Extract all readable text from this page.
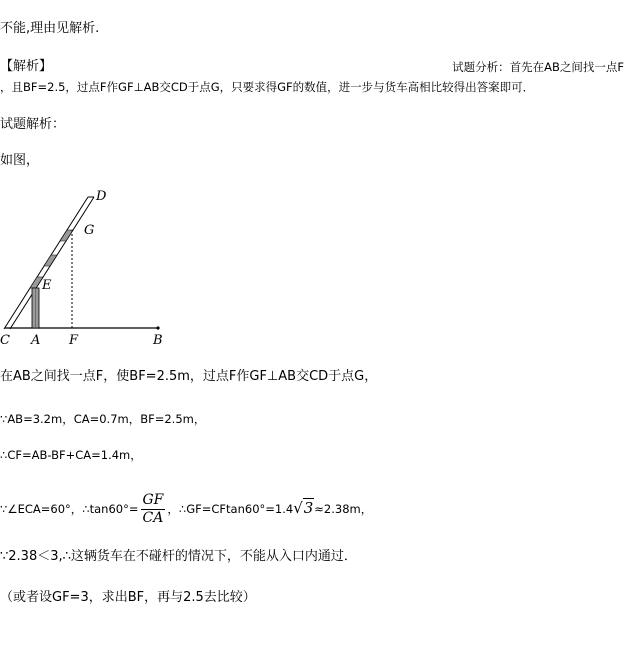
不能,理由见解析.
【解析】	试题分析：首先在AB之间找一点F
，且BF=2.5，过点F作GF⊥AB交CD于点G，只要求得GF的数值，进一步与货车高相比较得出答案即可．
试题解析：
如图，
C A F	B
D
G
E
在AB之间找一点F，使BF=2.5m，过点F作GF⊥AB交CD于点G，
∵AB=3.2m，CA=0.7m，BF=2.5m，
∴CF=AB-BF+CA=1.4m，
∵∠ECA=60°，∴tan60°= $\frac{GF}{CA}$ ，∴GF=CFtan60°=1.4√3≈2.38m，
∵2.38＜3,∴这辆货车在不碰杆的情况下，不能从入口内通过．
（或者设GF=3，求出BF，再与2.5去比较）
